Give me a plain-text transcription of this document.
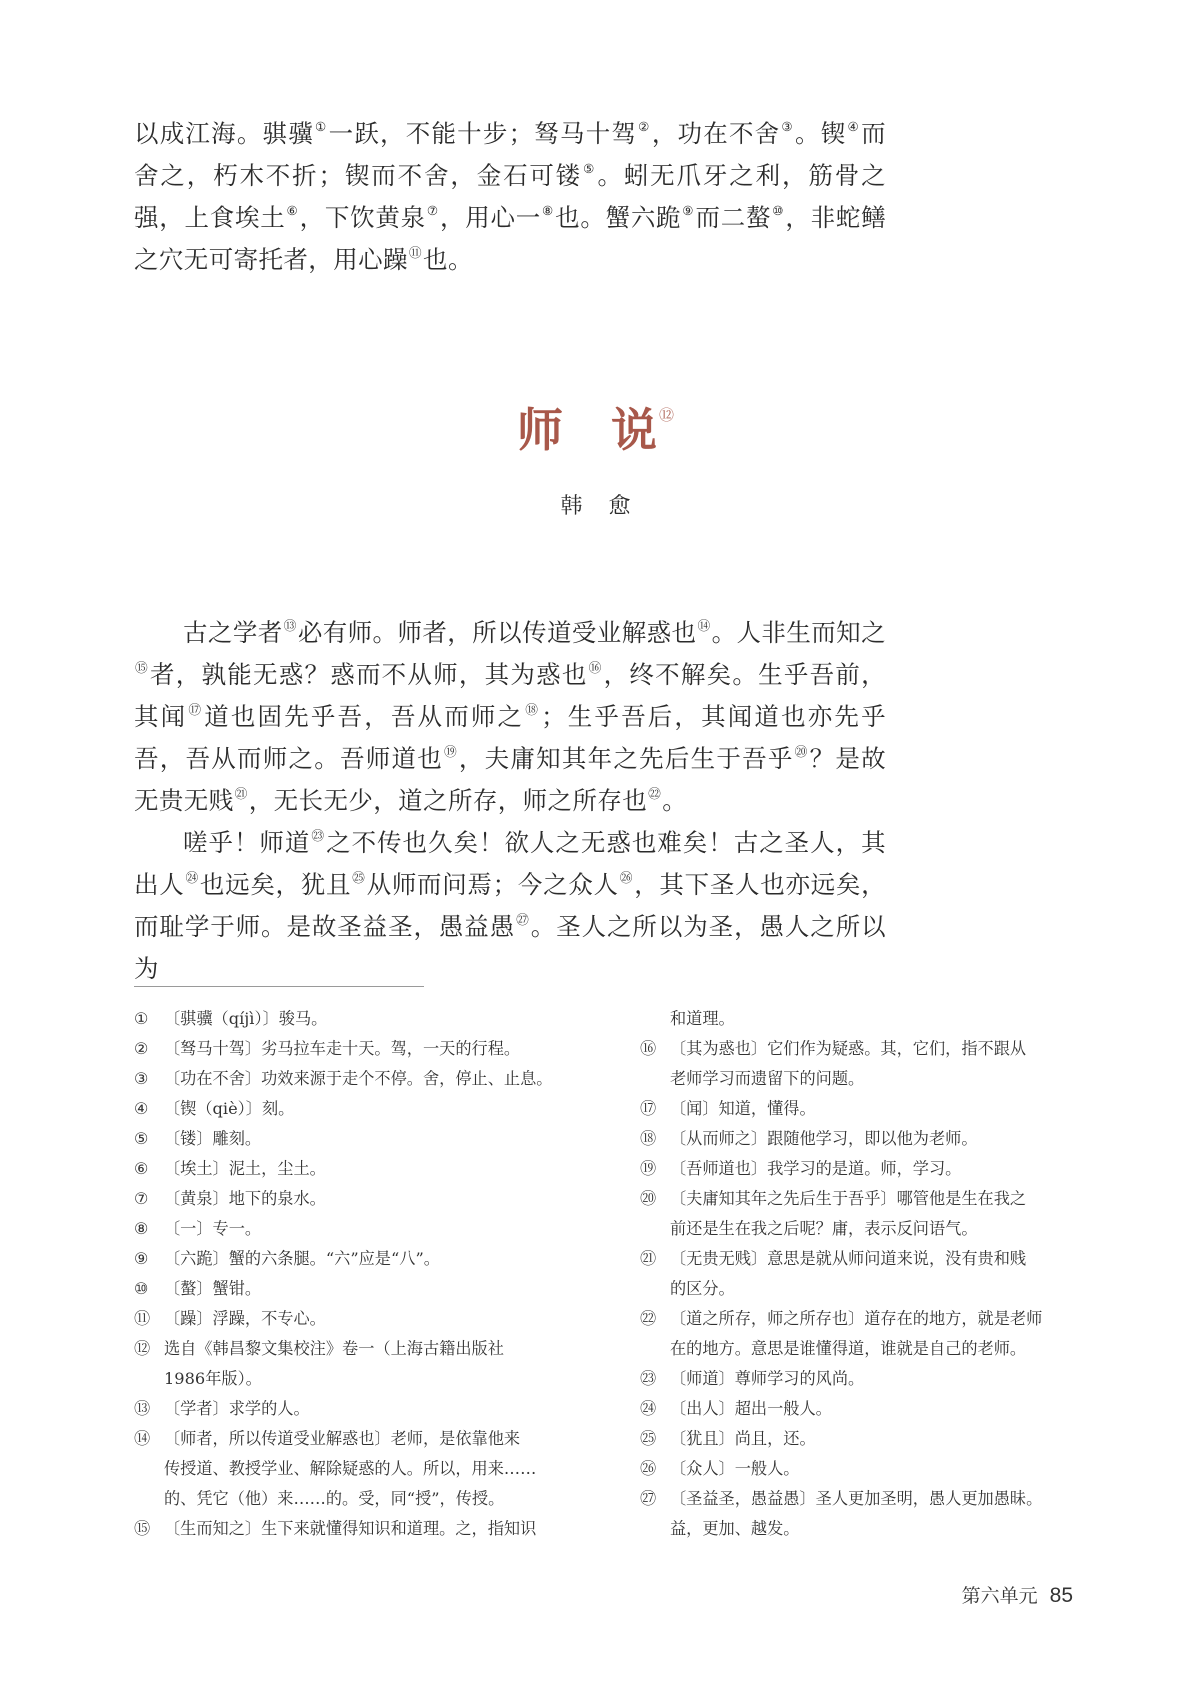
以成江海。骐骥①一跃，不能十步；驽马十驾②，功在不舍③。锲④而舍之，朽木不折；锲而不舍，金石可镂⑤。蚓无爪牙之利，筋骨之强，上食埃土⑥，下饮黄泉⑦，用心一⑧也。蟹六跪⑨而二螯⑩，非蛇鳝之穴无可寄托者，用心躁⑪也。

师 说 ⑫
韩 愈

古之学者⑬必有师。师者，所以传道受业解惑也⑭。人非生而知之⑮者，孰能无惑？惑而不从师，其为惑也⑯，终不解矣。生乎吾前，其闻⑰道也固先乎吾，吾从而师之⑱；生乎吾后，其闻道也亦先乎吾，吾从而师之。吾师道也⑲，夫庸知其年之先后生于吾乎⑳？是故无贵无贱$^㉑$，无长无少，道之所存，师之所存也$^㉒$。

嗟乎！师道$^㉓$之不传也久矣！欲人之无惑也难矣！古之圣人，其出人$^㉔$也远矣，犹且$^㉕$从师而问焉；今之众人$^㉖$，其下圣人也亦远矣，而耻学于师。是故圣益圣，愚益愚$^㉗$。圣人之所以为圣，愚人之所以为

① 〔骐骥（qíjì）〕骏马。
② 〔驽马十驾〕劣马拉车走十天。驾，一天的行程。
③ 〔功在不舍〕功效来源于走个不停。舍，停止、止息。
④ 〔锲（qiè）〕刻。
⑤ 〔镂〕雕刻。
⑥ 〔埃土〕泥土，尘土。
⑦ 〔黄泉〕地下的泉水。
⑧ 〔一〕专一。
⑨ 〔六跪〕蟹的六条腿。“六”应是“八”。
⑩ 〔螯〕蟹钳。
⑪ 〔躁〕浮躁，不专心。
⑫ 选自《韩昌黎文集校注》卷一（上海古籍出版社
1986年版）。
⑬ 〔学者〕求学的人。
⑭ 〔师者，所以传道受业解惑也〕老师，是依靠他来
传授道、教授学业、解除疑惑的人。所以，用来……
的、凭它（他）来……的。受，同“授”，传授。
⑮ 〔生而知之〕生下来就懂得知识和道理。之，指知识
和道理。
⑯ 〔其为惑也〕它们作为疑惑。其，它们，指不跟从
老师学习而遗留下的问题。
⑰ 〔闻〕知道，懂得。
⑱ 〔从而师之〕跟随他学习，即以他为老师。
⑲ 〔吾师道也〕我学习的是道。师，学习。
⑳ 〔夫庸知其年之先后生于吾乎〕哪管他是生在我之
前还是生在我之后呢？庸，表示反问语气。
㉑ 〔无贵无贱〕意思是就从师问道来说，没有贵和贱
的区分。
㉒ 〔道之所存，师之所存也〕道存在的地方，就是老师
在的地方。意思是谁懂得道，谁就是自己的老师。
㉓ 〔师道〕尊师学习的风尚。
㉔ 〔出人〕超出一般人。
㉕ 〔犹且〕尚且，还。
㉖ 〔众人〕一般人。
㉗ 〔圣益圣，愚益愚〕圣人更加圣明，愚人更加愚昧。
益，更加、越发。
第六单元 85
